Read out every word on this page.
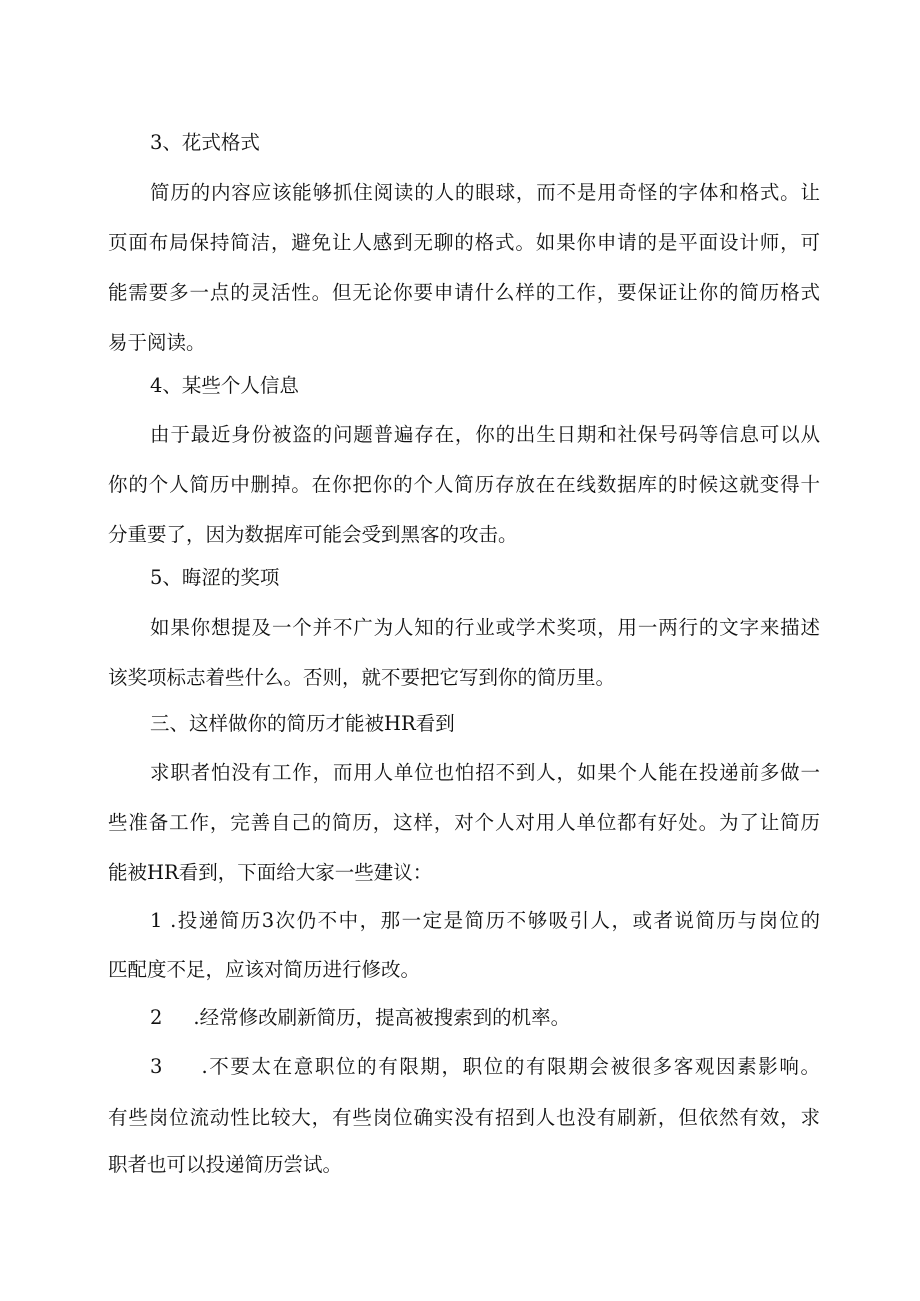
3、花式格式
简历的内容应该能够抓住阅读的人的眼球，而不是用奇怪的字体和格式。让
页面布局保持简洁，避免让人感到无聊的格式。如果你申请的是平面设计师，可
能需要多一点的灵活性。但无论你要申请什么样的工作，要保证让你的简历格式
易于阅读。
4、某些个人信息
由于最近身份被盗的问题普遍存在，你的出生日期和社保号码等信息可以从
你的个人简历中删掉。在你把你的个人简历存放在在线数据库的时候这就变得十
分重要了，因为数据库可能会受到黑客的攻击。
5、晦涩的奖项
如果你想提及一个并不广为人知的行业或学术奖项，用一两行的文字来描述
该奖项标志着些什么。否则，就不要把它写到你的简历里。
三、这样做你的简历才能被HR看到
求职者怕没有工作，而用人单位也怕招不到人，如果个人能在投递前多做一
些准备工作，完善自己的简历，这样，对个人对用人单位都有好处。为了让简历
能被HR看到，下面给大家一些建议：
1 .投递简历3次仍不中，那一定是简历不够吸引人，或者说简历与岗位的
匹配度不足，应该对简历进行修改。
2     .经常修改刷新简历，提高被搜索到的机率。
3     .不要太在意职位的有限期，职位的有限期会被很多客观因素影响。
有些岗位流动性比较大，有些岗位确实没有招到人也没有刷新，但依然有效，求
职者也可以投递简历尝试。
